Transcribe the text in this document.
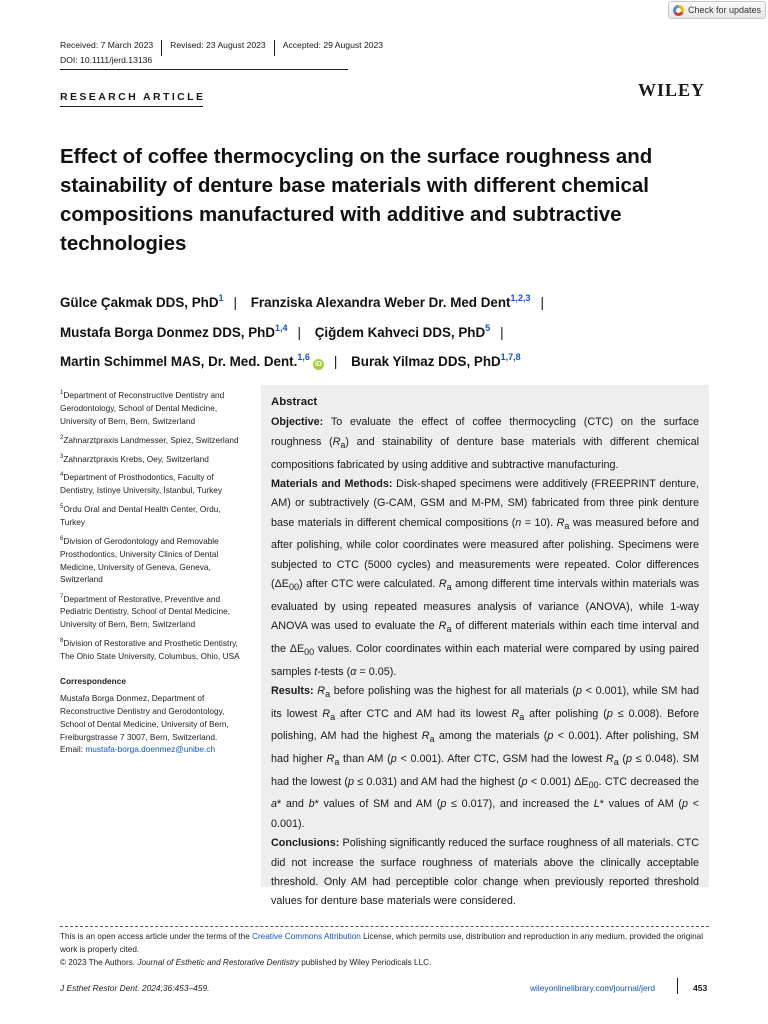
Check for updates
Received: 7 March 2023	Revised: 23 August 2023	Accepted: 29 August 2023
DOI: 10.1111/jerd.13136
RESEARCH ARTICLE	WILEY
Effect of coffee thermocycling on the surface roughness and stainability of denture base materials with different chemical compositions manufactured with additive and subtractive technologies
Gülce Çakmak DDS, PhD$^1$ | Franziska Alexandra Weber Dr. Med Dent$^{1,2,3}$ |
Mustafa Borga Donmez DDS, PhD$^{1,4}$ | Çiğdem Kahveci DDS, PhD$^5$ |
Martin Schimmel MAS, Dr. Med. Dent.$^{1,6}$iD | Burak Yilmaz DDS, PhD$^{1,7,8}$

$^1$Department of Reconstructive Dentistry and Gerodontology, School of Dental Medicine, University of Bern, Bern, Switzerland

$^2$Zahnarztpraxis Landmesser, Spiez, Switzerland

$^3$Zahnarztpraxis Krebs, Oey, Switzerland

$^4$Department of Prosthodontics, Faculty of Dentistry, Istinye University, İstanbul, Turkey

$^5$Ordu Oral and Dental Health Center, Ordu, Turkey

$^6$Division of Gerodontology and Removable Prosthodontics, University Clinics of Dental Medicine, University of Geneva, Geneva, Switzerland

$^7$Department of Restorative, Preventive and Pediatric Dentistry, School of Dental Medicine, University of Bern, Bern, Switzerland

$^8$Division of Restorative and Prosthetic Dentistry, The Ohio State University, Columbus, Ohio, USA

Correspondence

Mustafa Borga Donmez, Department of Reconstructive Dentistry and Gerodontology, School of Dental Medicine, University of Bern, Freiburgstrasse 7 3007, Bern, Switzerland.
Email: mustafa-borga.doenmez@unibe.ch

Abstract

Objective: To evaluate the effect of coffee thermocycling (CTC) on the surface roughness $(R_a)$ and stainability of denture base materials with different chemical compositions fabricated by using additive and subtractive manufacturing.

Materials and Methods: Disk-shaped specimens were additively (FREEPRINT denture, AM) or subtractively (G-CAM, GSM and M-PM, SM) fabricated from three pink denture base materials in different chemical compositions (n = 10). $R_a$ was measured before and after polishing, while color coordinates were measured after polishing. Specimens were subjected to CTC (5000 cycles) and measurements were repeated. Color differences $(\Delta E_{00})$ after CTC were calculated. $R_a$ among different time intervals within materials was evaluated by using repeated measures analysis of variance (ANOVA), while 1-way ANOVA was used to evaluate the $R_a$ of different materials within each time interval and the $\Delta E_{00}$ values. Color coordinates within each material were compared by using paired samples t-tests (α = 0.05).

Results: $R_a$ before polishing was the highest for all materials (p < 0.001), while SM had its lowest $R_a$ after CTC and AM had its lowest $R_a$ after polishing (p ≤ 0.008). Before polishing, AM had the highest $R_a$ among the materials (p < 0.001). After polishing, SM had higher $R_a$ than AM (p < 0.001). After CTC, GSM had the lowest $R_a$ (p ≤ 0.048). SM had the lowest (p ≤ 0.031) and AM had the highest (p < 0.001) $\Delta E_{00}$. CTC decreased the a* and b* values of SM and AM (p ≤ 0.017), and increased the L* values of AM (p < 0.001).

Conclusions: Polishing significantly reduced the surface roughness of all materials. CTC did not increase the surface roughness of materials above the clinically acceptable threshold. Only AM had perceptible color change when previously reported threshold values for denture base materials were considered.

This is an open access article under the terms of the Creative Commons Attribution License, which permits use, distribution and reproduction in any medium, provided the original work is properly cited.
© 2023 The Authors. Journal of Esthetic and Restorative Dentistry published by Wiley Periodicals LLC.
J Esthet Restor Dent. 2024;36:453–459.	wileyonlinelibrary.com/journal/jerd	453
